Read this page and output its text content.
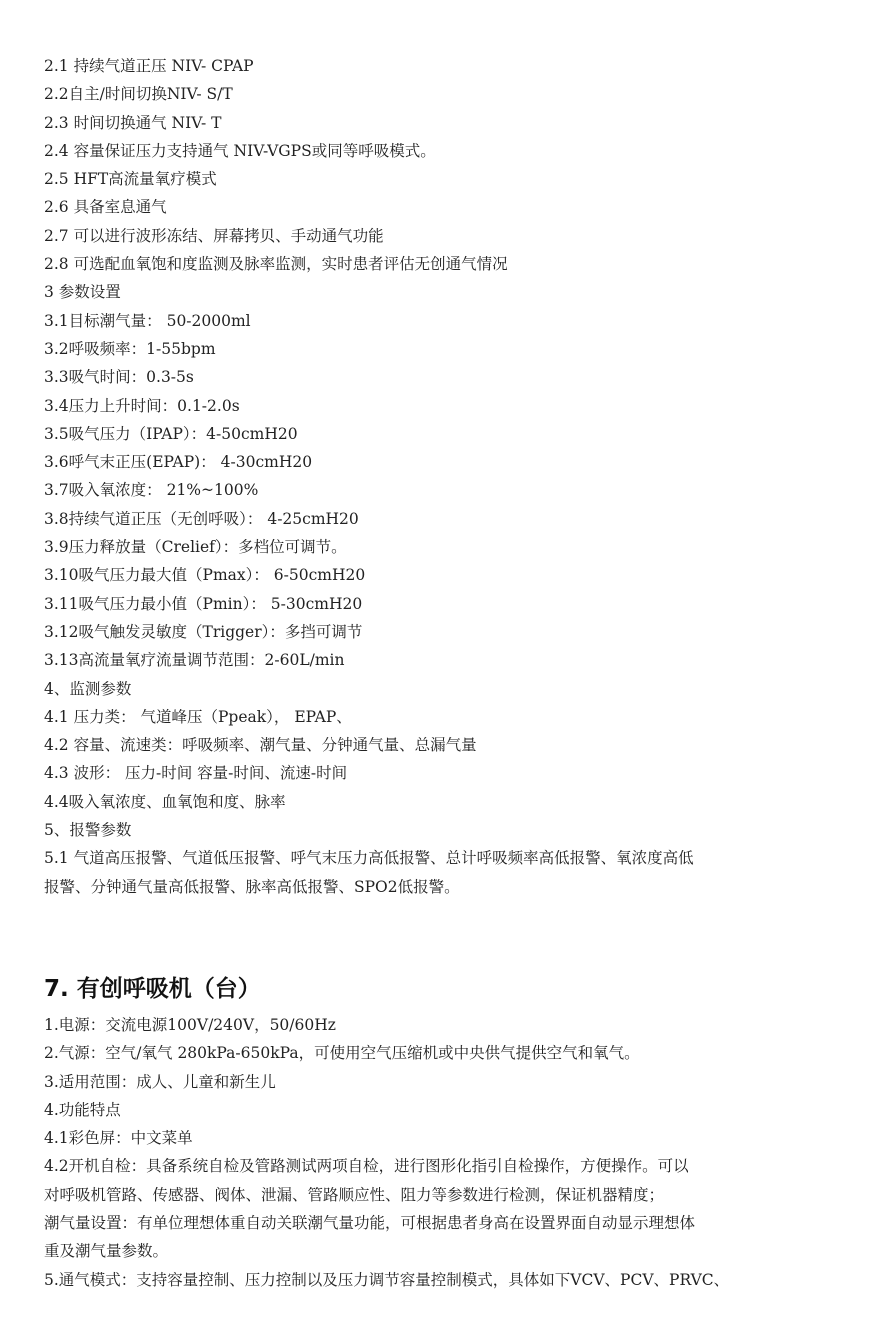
2.1 持续气道正压 NIV- CPAP
2.2自主/时间切换NIV- S/T
2.3 时间切换通气 NIV- T
2.4 容量保证压力支持通气 NIV-VGPS或同等呼吸模式。
2.5 HFT高流量氧疗模式
2.6 具备室息通气
2.7 可以进行波形冻结、屏幕拷贝、手动通气功能
2.8 可选配血氧饱和度监测及脉率监测，实时患者评估无创通气情况
3 参数设置
3.1目标潮气量： 50-2000ml
3.2呼吸频率：1-55bpm
3.3吸气时间：0.3-5s
3.4压力上升时间：0.1-2.0s
3.5吸气压力（IPAP）：4-50cmH20
3.6呼气末正压(EPAP)： 4-30cmH20
3.7吸入氧浓度： 21%~100%
3.8持续气道正压（无创呼吸）： 4-25cmH20
3.9压力释放量（Crelief）：多档位可调节。
3.10吸气压力最大值（Pmax）： 6-50cmH20
3.11吸气压力最小值（Pmin）： 5-30cmH20
3.12吸气触发灵敏度（Trigger）：多挡可调节
3.13高流量氧疗流量调节范围：2-60L/min
4、监测参数
4.1 压力类： 气道峰压（Ppeak）， EPAP、
4.2 容量、流速类：呼吸频率、潮气量、分钟通气量、总漏气量
4.3 波形： 压力-时间 容量-时间、流速-时间
4.4吸入氧浓度、血氧饱和度、脉率
5、报警参数
5.1 气道高压报警、气道低压报警、呼气末压力高低报警、总计呼吸频率高低报警、氧浓度高低
报警、分钟通气量高低报警、脉率高低报警、SPO2低报警。
7. 有创呼吸机（台）
1.电源：交流电源100V/240V，50/60Hz
2.气源：空气/氧气 280kPa-650kPa，可使用空气压缩机或中央供气提供空气和氧气。
3.适用范围：成人、儿童和新生儿
4.功能特点
4.1彩色屏：中文菜单
4.2开机自检：具备系统自检及管路测试两项自检，进行图形化指引自检操作，方便操作。可以
对呼吸机管路、传感器、阀体、泄漏、管路顺应性、阻力等参数进行检测，保证机器精度；
潮气量设置：有单位理想体重自动关联潮气量功能，可根据患者身高在设置界面自动显示理想体
重及潮气量参数。
5.通气模式：支持容量控制、压力控制以及压力调节容量控制模式，具体如下VCV、PCV、PRVC、
